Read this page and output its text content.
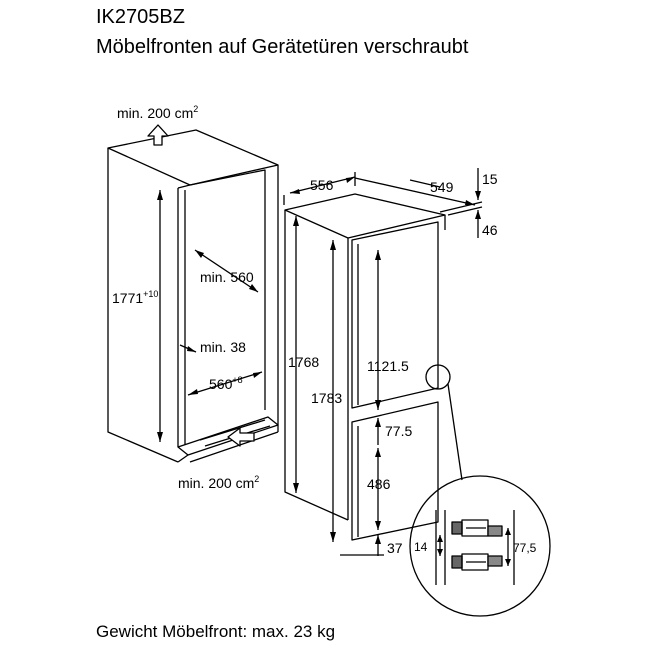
IK2705BZ
Möbelfronten auf Gerätetüren verschraubt
min. 200 $cm^2$
$1771^{+10}$
min. 560
min. 38
$560^{+8}$
min. 200 $cm^2$
556	549 15
46
1768
1783
1121.5
77.5
486
37 14	77,5
Gewicht Möbelfront: max. 23 kg
